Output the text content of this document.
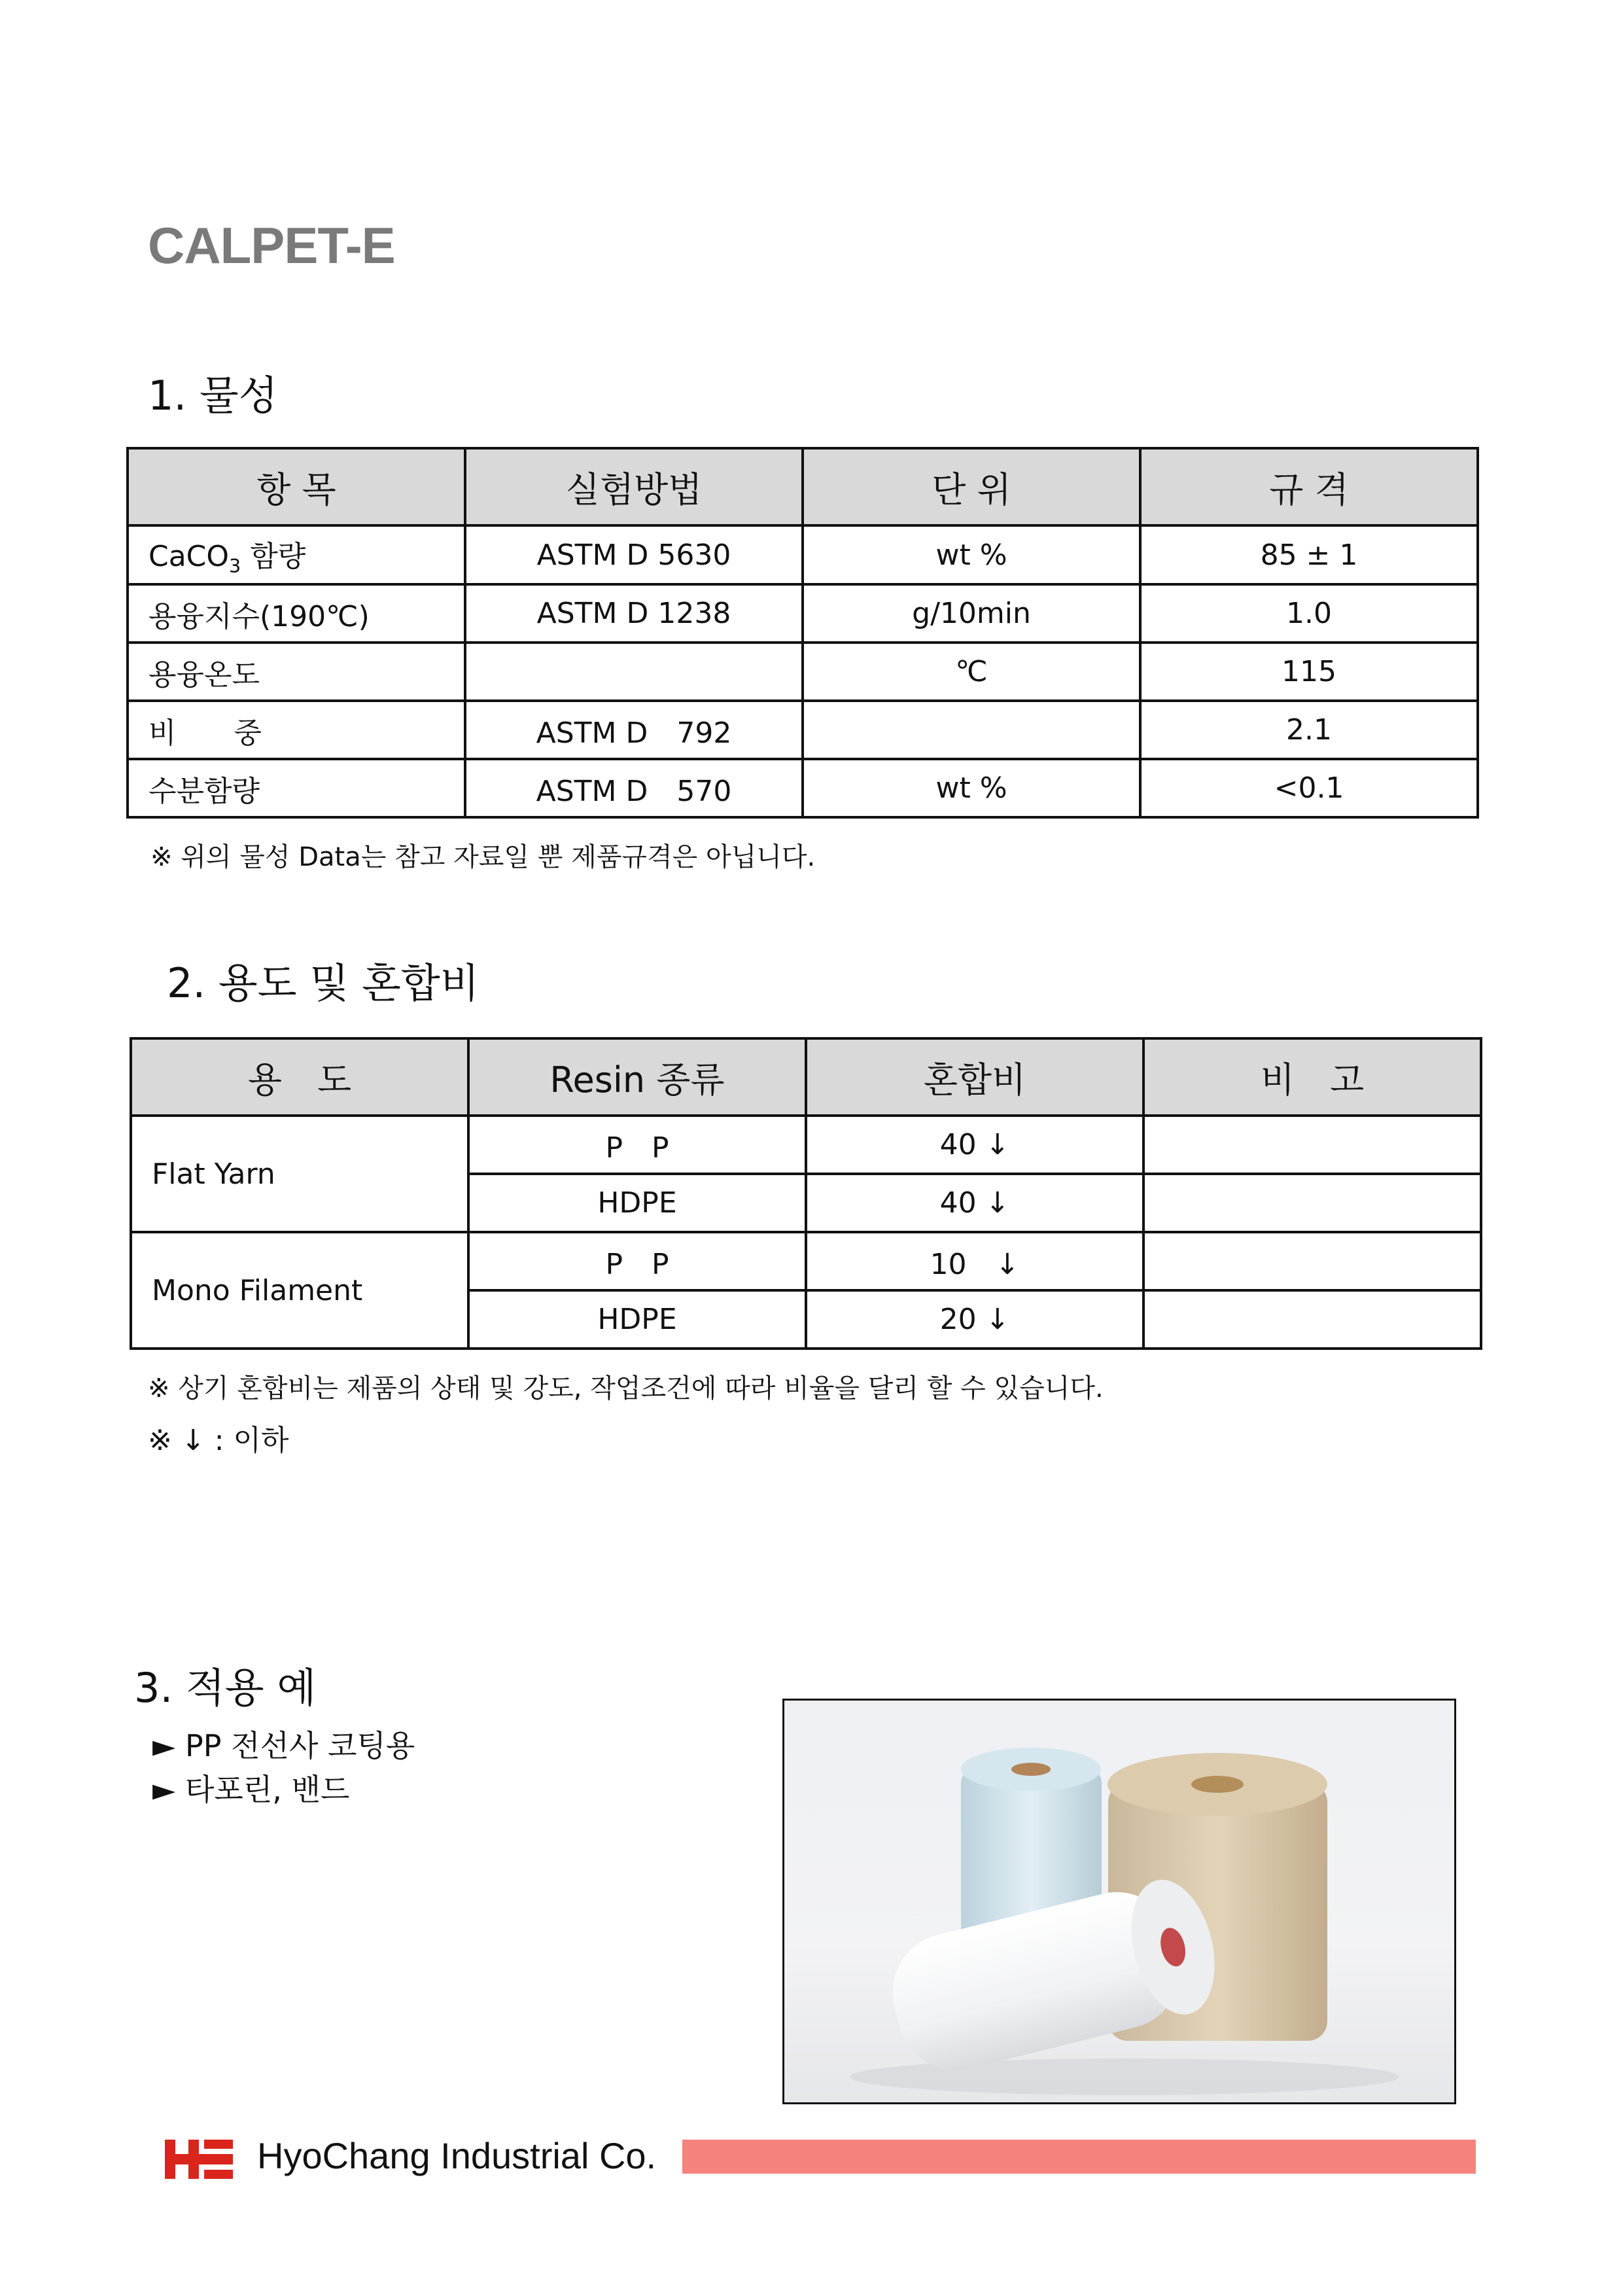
CALPET-E
1. 물성
항 목	실험방법	단 위	규 격
CaCO$_3$ 함량	ASTM D 5630	wt %	85 ± 1
용융지수(190℃)	ASTM D 1238	g/10min	1.0
용융온도		℃	115
비　　중	ASTM D　792		2.1
수분함량	ASTM D　570	wt %	<0.1
※ 위의 물성 Data는 참고 자료일 뿐 제품규격은 아닙니다.
2. 용도 및 혼합비
용　도	Resin 종류	혼합비	비　고
Flat Yarn	P　P	40 ↓	
	HDPE	40 ↓	
Mono Filament	P　P	10　↓	
	HDPE	20 ↓	
※ 상기 혼합비는 제품의 상태 및 강도, 작업조건에 따라 비율을 달리 할 수 있습니다.
※ ↓ : 이하
3. 적용 예
► PP 전선사 코팅용
► 타포린, 밴드
HyoChang Industrial Co.
